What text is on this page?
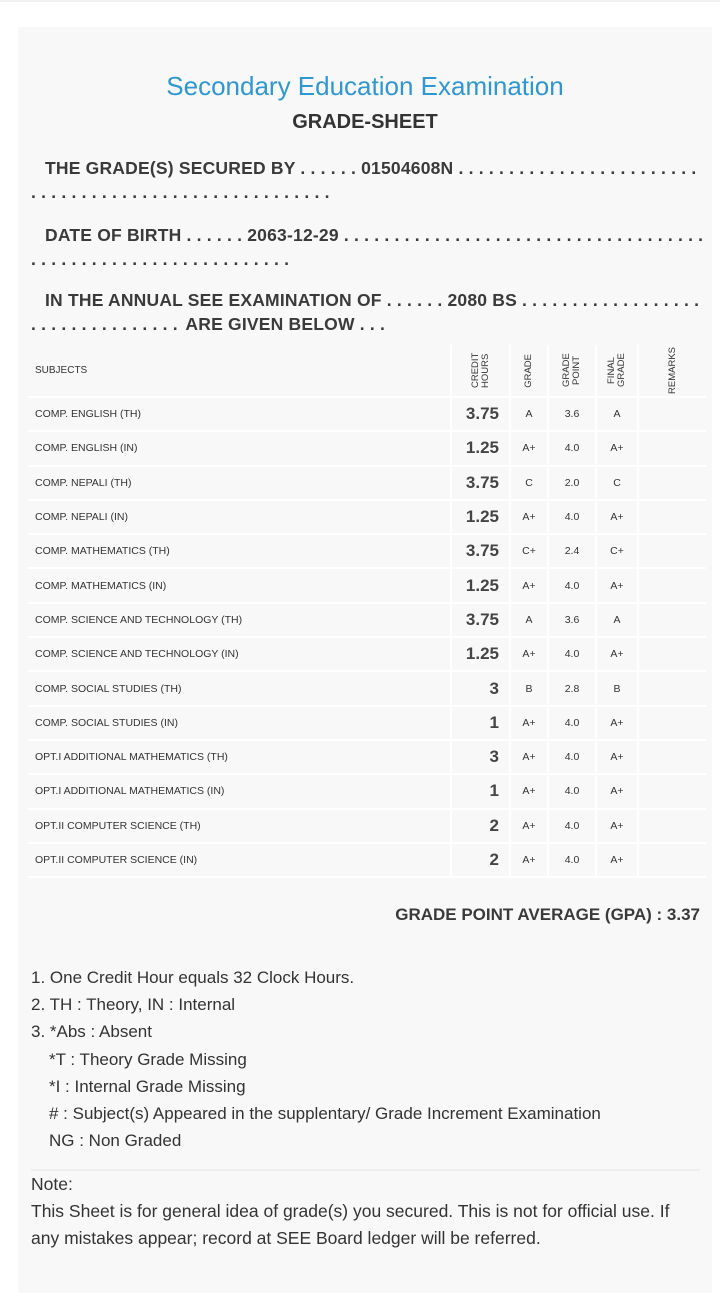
Secondary Education Examination
GRADE-SHEET
THE GRADE(S) SECURED BY . . .	01504608N . . .
. . .
DATE OF BIRTH . . .	2063-12-29 . . .
. . .
IN THE ANNUAL SEE EXAMINATION OF . . .	2080 BS . . .
. . . ARE GIVEN BELOW . . .
SUBJECTS	CREDIT HOURS	GRADE	GRADE POINT	FINAL GRADE	REMARKS

COMP. ENGLISH (TH)	3.75	A	3.6	A	
COMP. ENGLISH (IN)	1.25	A+	4.0	A+	
COMP. NEPALI (TH)	3.75	C	2.0	C	
COMP. NEPALI (IN)	1.25	A+	4.0	A+	
COMP. MATHEMATICS (TH)	3.75	C+	2.4	C+	
COMP. MATHEMATICS (IN)	1.25	A+	4.0	A+	
COMP. SCIENCE AND TECHNOLOGY (TH)	3.75	A	3.6	A	
COMP. SCIENCE AND TECHNOLOGY (IN)	1.25	A+	4.0	A+	
COMP. SOCIAL STUDIES (TH)	3	B	2.8	B	
COMP. SOCIAL STUDIES (IN)	1	A+	4.0	A+	
OPT.I ADDITIONAL MATHEMATICS (TH)	3	A+	4.0	A+	
OPT.I ADDITIONAL MATHEMATICS (IN)	1	A+	4.0	A+	
OPT.II COMPUTER SCIENCE (TH)	2	A+	4.0	A+	
OPT.II COMPUTER SCIENCE (IN)	2	A+	4.0	A+	
GRADE POINT AVERAGE (GPA) : 3.37
1. One Credit Hour equals 32 Clock Hours.
2. TH : Theory, IN : Internal
3. *Abs : Absent
*T : Theory Grade Missing
*I : Internal Grade Missing
# : Subject(s) Appeared in the supplentary/ Grade Increment Examination
NG : Non Graded
Note:
This Sheet is for general idea of grade(s) you secured. This is not for official use. If any mistakes appear; record at SEE Board ledger will be referred.
